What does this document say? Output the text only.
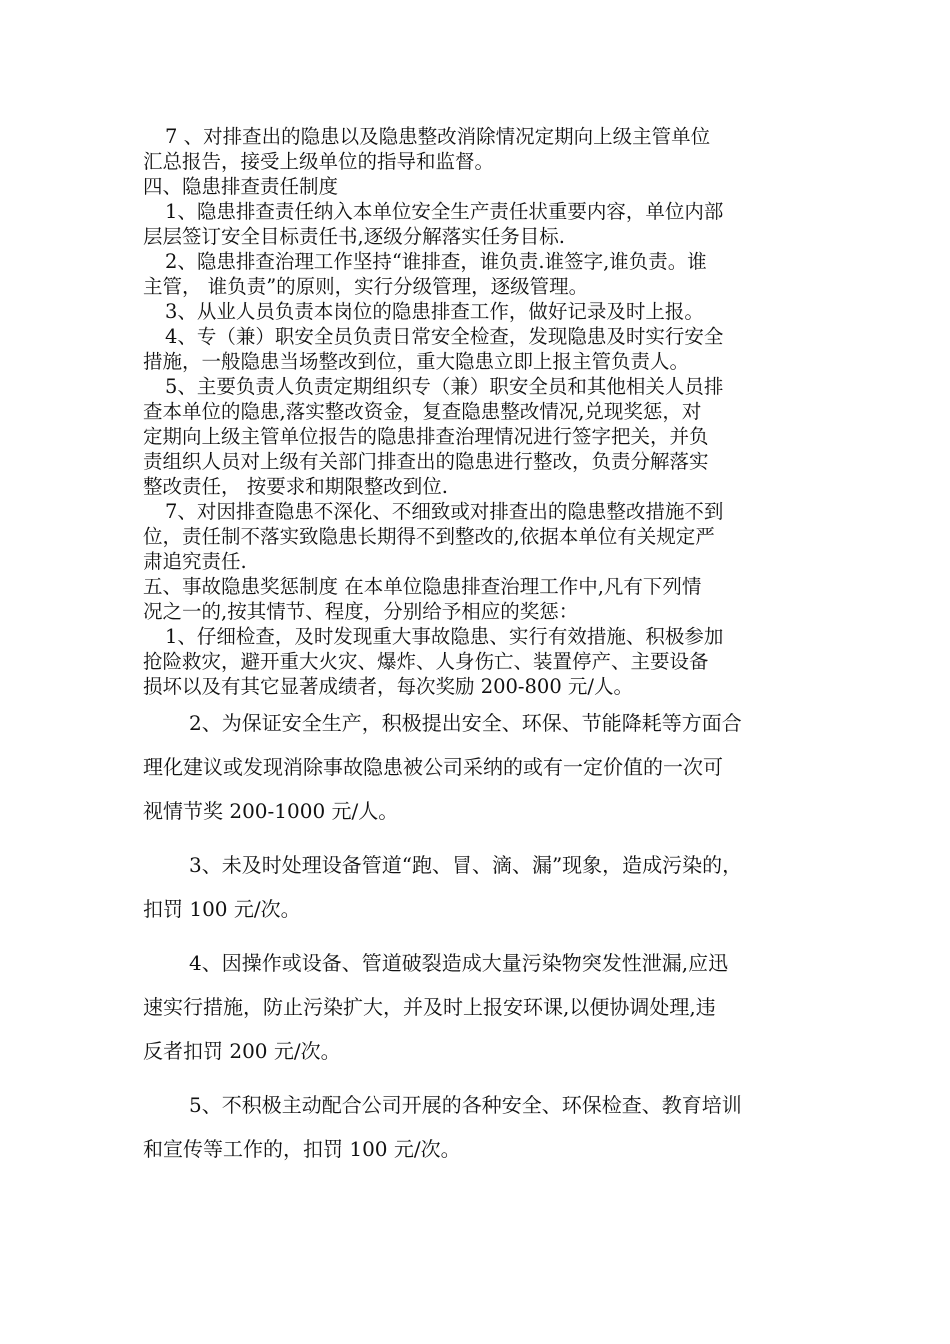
7 、对排查出的隐患以及隐患整改消除情况定期向上级主管单位
汇总报告，接受上级单位的指导和监督。
四、隐患排查责任制度
1、隐患排查责任纳入本单位安全生产责任状重要内容，单位内部
层层签订安全目标责任书,逐级分解落实任务目标.
2、隐患排查治理工作坚持“谁排查，谁负责.谁签字,谁负责。谁
主管， 谁负责”的原则，实行分级管理，逐级管理。
3、从业人员负责本岗位的隐患排查工作，做好记录及时上报。
4、专（兼）职安全员负责日常安全检查，发现隐患及时实行安全
措施，一般隐患当场整改到位，重大隐患立即上报主管负责人。
5、主要负责人负责定期组织专（兼）职安全员和其他相关人员排
查本单位的隐患,落实整改资金，复查隐患整改情况,兑现奖惩，对
定期向上级主管单位报告的隐患排查治理情况进行签字把关，并负
责组织人员对上级有关部门排查出的隐患进行整改，负责分解落实
整改责任， 按要求和期限整改到位.
7、对因排查隐患不深化、不细致或对排查出的隐患整改措施不到
位，责任制不落实致隐患长期得不到整改的,依据本单位有关规定严
肃追究责任.
五、事故隐患奖惩制度 在本单位隐患排查治理工作中,凡有下列情
况之一的,按其情节、程度，分别给予相应的奖惩：
1、仔细检查，及时发现重大事故隐患、实行有效措施、积极参加
抢险救灾，避开重大火灾、爆炸、人身伤亡、装置停产、主要设备
损坏以及有其它显著成绩者，每次奖励 200-800 元/人。
2、为保证安全生产，积极提出安全、环保、节能降耗等方面合
理化建议或发现消除事故隐患被公司采纳的或有一定价值的一次可
视情节奖 200-1000 元/人。
3、未及时处理设备管道“跑、冒、滴、漏”现象，造成污染的，
扣罚 100 元/次。
4、因操作或设备、管道破裂造成大量污染物突发性泄漏,应迅
速实行措施，防止污染扩大，并及时上报安环课,以便协调处理,违
反者扣罚 200 元/次。
5、不积极主动配合公司开展的各种安全、环保检查、教育培训
和宣传等工作的，扣罚 100 元/次。
